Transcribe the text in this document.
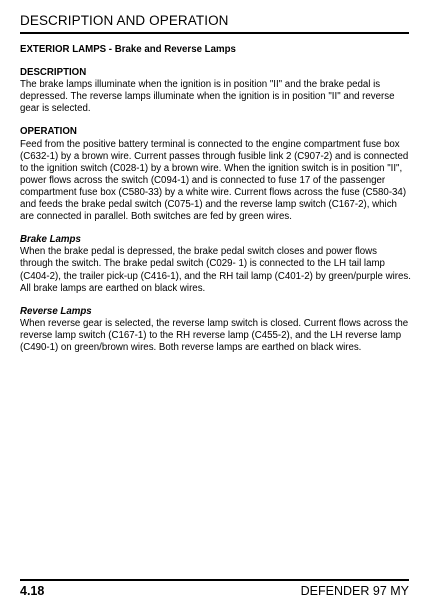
DESCRIPTION AND OPERATION

EXTERIOR LAMPS - Brake and Reverse Lamps

DESCRIPTION

The brake lamps illuminate when the ignition is in position "II" and the brake pedal is depressed. The reverse lamps illuminate when the ignition is in position "II" and reverse gear is selected.

OPERATION

Feed from the positive battery terminal is connected to the engine compartment fuse box (C632-1) by a brown wire. Current passes through fusible link 2 (C907-2) and is connected to the ignition switch (C028-1) by a brown wire. When the ignition switch is in position "II", power flows across the switch (C094-1) and is connected to fuse 17 of the passenger compartment fuse box (C580-33) by a white wire. Current flows across the fuse (C580-34) and feeds the brake pedal switch (C075-1) and the reverse lamp switch (C167-2), which are connected in parallel. Both switches are fed by green wires.

Brake Lamps

When the brake pedal is depressed, the brake pedal switch closes and power flows through the switch. The brake pedal switch (C029- 1) is connected to the LH tail lamp (C404-2), the trailer pick-up (C416-1), and the RH tail lamp (C401-2) by green/purple wires. All brake lamps are earthed on black wires.

Reverse Lamps

When reverse gear is selected, the reverse lamp switch is closed. Current flows across the reverse lamp switch (C167-1) to the RH reverse lamp (C455-2), and the LH reverse lamp (C490-1) on green/brown wires. Both reverse lamps are earthed on black wires.

4.18	DEFENDER 97 MY
